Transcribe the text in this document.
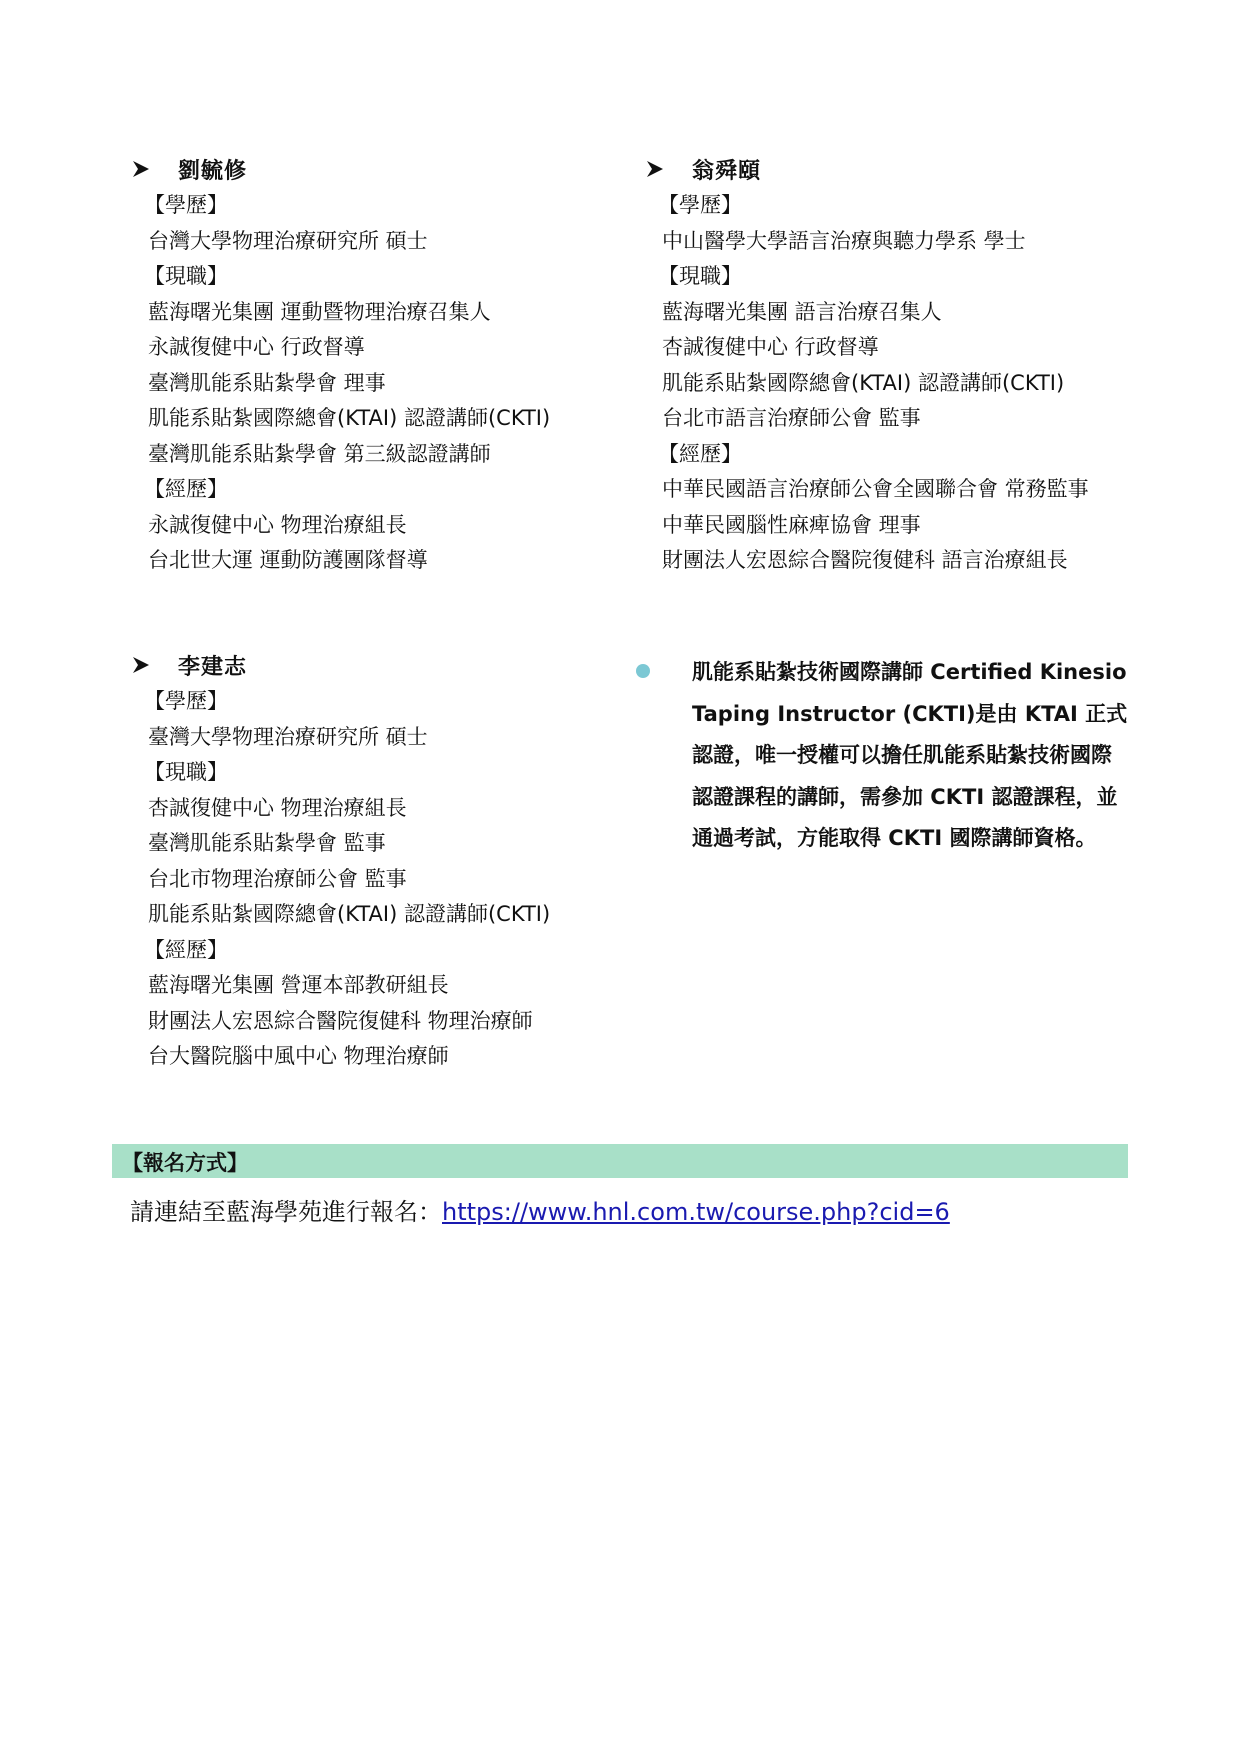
劉毓修
【學歷】
台灣大學物理治療研究所 碩士
【現職】
藍海曙光集團 運動暨物理治療召集人
永誠復健中心 行政督導
臺灣肌能系貼紮學會 理事
肌能系貼紮國際總會(KTAI) 認證講師(CKTI)
臺灣肌能系貼紮學會 第三級認證講師
【經歷】
永誠復健中心 物理治療組長
台北世大運 運動防護團隊督導
翁舜頤
【學歷】
中山醫學大學語言治療與聽力學系 學士
【現職】
藍海曙光集團 語言治療召集人
杏誠復健中心 行政督導
肌能系貼紮國際總會(KTAI) 認證講師(CKTI)
台北市語言治療師公會 監事
【經歷】
中華民國語言治療師公會全國聯合會 常務監事
中華民國腦性麻痺協會 理事
財團法人宏恩綜合醫院復健科 語言治療組長
李建志
【學歷】
臺灣大學物理治療研究所 碩士
【現職】
杏誠復健中心 物理治療組長
臺灣肌能系貼紮學會 監事
台北市物理治療師公會 監事
肌能系貼紮國際總會(KTAI) 認證講師(CKTI)
【經歷】
藍海曙光集團 營運本部教研組長
財團法人宏恩綜合醫院復健科 物理治療師
台大醫院腦中風中心 物理治療師
肌能系貼紮技術國際講師 Certified Kinesio Taping Instructor (CKTI)是由 KTAI 正式認證，唯一授權可以擔任肌能系貼紮技術國際認證課程的講師，需參加 CKTI 認證課程，並通過考試，方能取得 CKTI 國際講師資格。
【報名方式】
請連結至藍海學苑進行報名：https://www.hnl.com.tw/course.php?cid=6
